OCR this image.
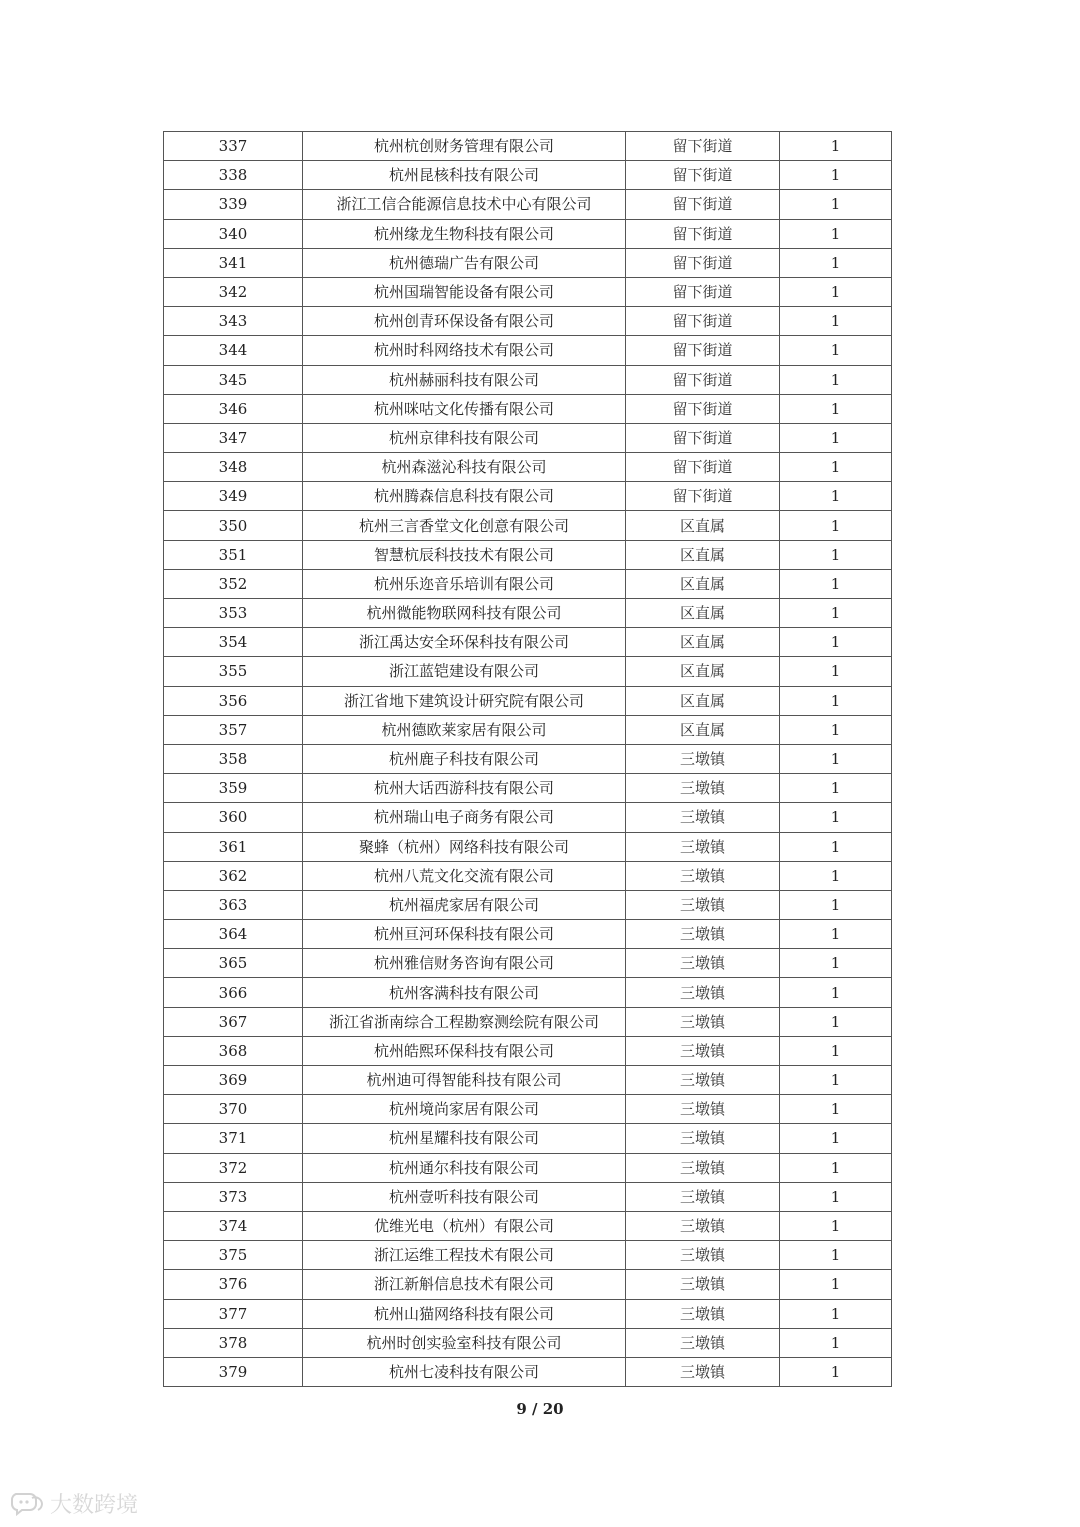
337	杭州杭创财务管理有限公司	留下街道	1
338	杭州昆核科技有限公司	留下街道	1
339	浙江工信合能源信息技术中心有限公司	留下街道	1
340	杭州缘龙生物科技有限公司	留下街道	1
341	杭州德瑞广告有限公司	留下街道	1
342	杭州国瑞智能设备有限公司	留下街道	1
343	杭州创青环保设备有限公司	留下街道	1
344	杭州时科网络技术有限公司	留下街道	1
345	杭州赫丽科技有限公司	留下街道	1
346	杭州咪咕文化传播有限公司	留下街道	1
347	杭州京律科技有限公司	留下街道	1
348	杭州森滋沁科技有限公司	留下街道	1
349	杭州腾森信息科技有限公司	留下街道	1
350	杭州三言香堂文化创意有限公司	区直属	1
351	智慧杭辰科技技术有限公司	区直属	1
352	杭州乐迩音乐培训有限公司	区直属	1
353	杭州微能物联网科技有限公司	区直属	1
354	浙江禹达安全环保科技有限公司	区直属	1
355	浙江蓝铠建设有限公司	区直属	1
356	浙江省地下建筑设计研究院有限公司	区直属	1
357	杭州德欧莱家居有限公司	区直属	1
358	杭州鹿子科技有限公司	三墩镇	1
359	杭州大话西游科技有限公司	三墩镇	1
360	杭州瑞山电子商务有限公司	三墩镇	1
361	聚蜂（杭州）网络科技有限公司	三墩镇	1
362	杭州八荒文化交流有限公司	三墩镇	1
363	杭州福虎家居有限公司	三墩镇	1
364	杭州亘河环保科技有限公司	三墩镇	1
365	杭州雅信财务咨询有限公司	三墩镇	1
366	杭州客满科技有限公司	三墩镇	1
367	浙江省浙南综合工程勘察测绘院有限公司	三墩镇	1
368	杭州皓熙环保科技有限公司	三墩镇	1
369	杭州迪可得智能科技有限公司	三墩镇	1
370	杭州境尚家居有限公司	三墩镇	1
371	杭州星耀科技有限公司	三墩镇	1
372	杭州通尔科技有限公司	三墩镇	1
373	杭州壹听科技有限公司	三墩镇	1
374	优维光电（杭州）有限公司	三墩镇	1
375	浙江运维工程技术有限公司	三墩镇	1
376	浙江新斛信息技术有限公司	三墩镇	1
377	杭州山猫网络科技有限公司	三墩镇	1
378	杭州时创实验室科技有限公司	三墩镇	1
379	杭州七凌科技有限公司	三墩镇	1
9 / 20
大数跨境
